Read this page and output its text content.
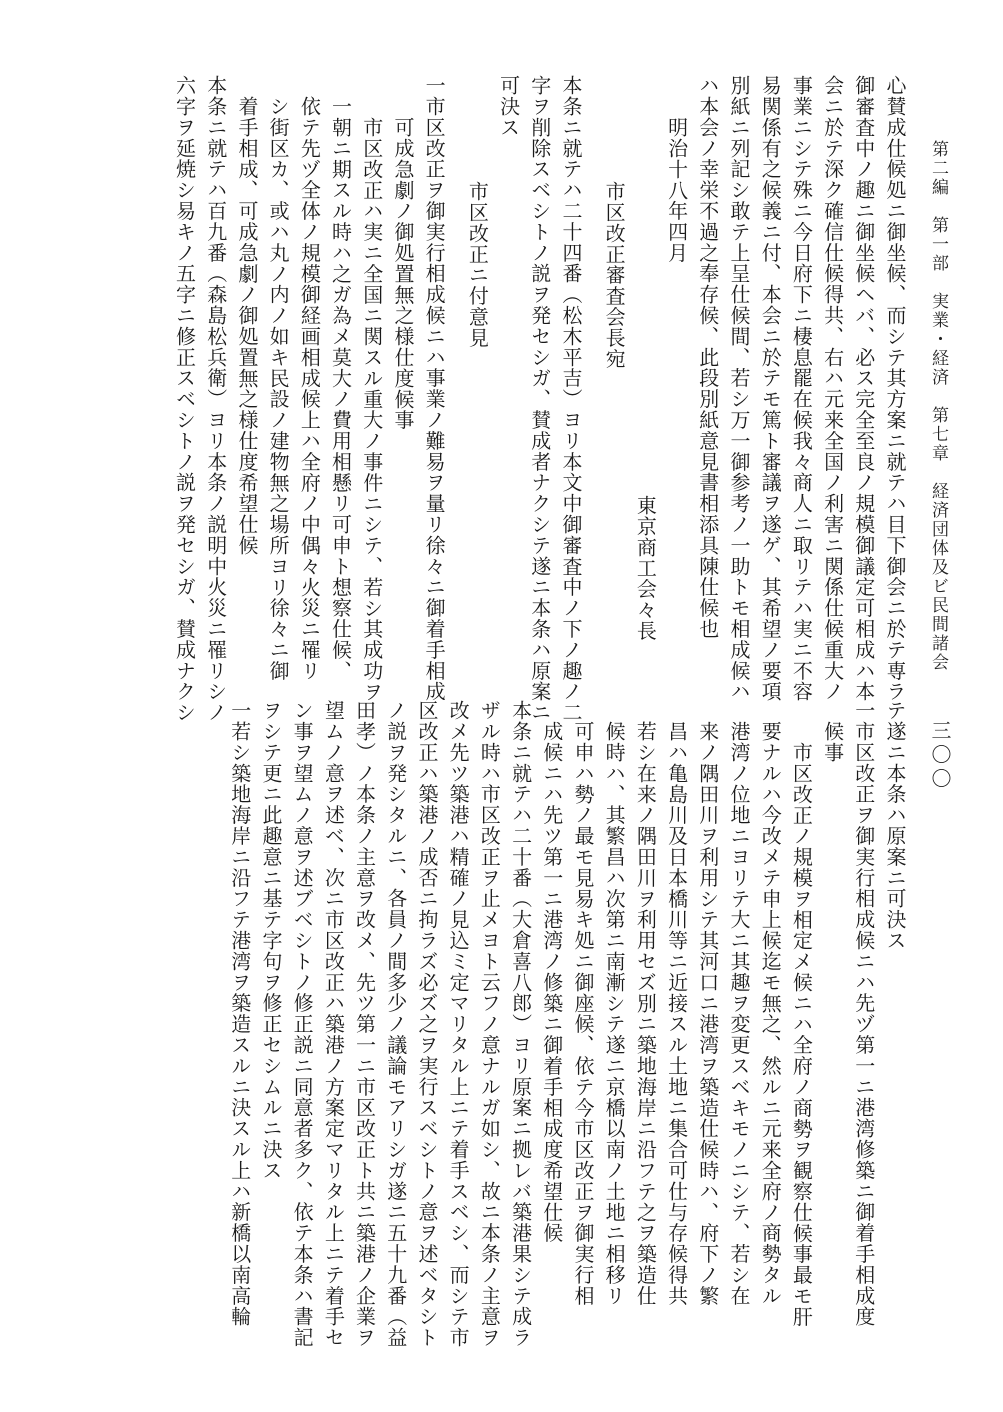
第二編　第一部　実業・経済　第七章　経済団体及ビ民間諸会
三〇〇
心賛成仕候処ニ御坐候、而シテ其方案ニ就テハ目下御会ニ於テ専ラ
御審査中ノ趣ニ御坐候ヘバ、必ス完全至良ノ規模御議定可相成ハ本
会ニ於テ深ク確信仕候得共、右ハ元来全国ノ利害ニ関係仕候重大ノ
事業ニシテ殊ニ今日府下ニ棲息罷在候我々商人ニ取リテハ実ニ不容
易関係有之候義ニ付、本会ニ於テモ篤ト審議ヲ遂ゲ、其希望ノ要項
別紙ニ列記シ敢テ上呈仕候間、若シ万一御参考ノ一助トモ相成候ハ
ハ本会ノ幸栄不過之奉存候、此段別紙意見書相添具陳仕候也
明治十八年四月
東京商工会々長
市区改正審査会長宛
本条ニ就テハ二十四番（松木平吉）ヨリ本文中御審査中ノ下ノ趣ノ二
字ヲ削除スベシトノ説ヲ発セシガ、賛成者ナクシテ遂ニ本条ハ原案ニ
可決ス
市区改正ニ付意見
一市区改正ヲ御実行相成候ニハ事業ノ難易ヲ量リ徐々ニ御着手相成
可成急劇ノ御処置無之様仕度候事
市区改正ハ実ニ全国ニ関スル重大ノ事件ニシテ、若シ其成功ヲ
一朝ニ期スル時ハ之ガ為メ莫大ノ費用相懸リ可申ト想察仕候、
依テ先ヅ全体ノ規模御経画相成候上ハ全府ノ中偶々火災ニ罹リ
シ街区カ、或ハ丸ノ内ノ如キ民設ノ建物無之場所ヨリ徐々ニ御
着手相成、可成急劇ノ御処置無之様仕度希望仕候
本条ニ就テハ百九番（森島松兵衛）ヨリ本条ノ説明中火災ニ罹リシノ
六字ヲ延焼シ易キノ五字ニ修正スベシトノ説ヲ発セシガ、賛成ナクシ
テ遂ニ本条ハ原案ニ可決ス
一市区改正ヲ御実行相成候ニハ先ヅ第一ニ港湾修築ニ御着手相成度
候事
市区改正ノ規模ヲ相定メ候ニハ全府ノ商勢ヲ観察仕候事最モ肝
要ナルハ今改メテ申上候迄モ無之、然ルニ元来全府ノ商勢タル
港湾ノ位地ニヨリテ大ニ其趣ヲ変更スベキモノニシテ、若シ在
来ノ隅田川ヲ利用シテ其河口ニ港湾ヲ築造仕候時ハ、府下ノ繁
昌ハ亀島川及日本橋川等ニ近接スル土地ニ集合可仕与存候得共
若シ在来ノ隅田川ヲ利用セズ別ニ築地海岸ニ沿フテ之ヲ築造仕
候時ハ、其繁昌ハ次第ニ南漸シテ遂ニ京橋以南ノ土地ニ相移リ
可申ハ勢ノ最モ見易キ処ニ御座候、依テ今市区改正ヲ御実行相
成候ニハ先ツ第一ニ港湾ノ修築ニ御着手相成度希望仕候
本条ニ就テハ二十番（大倉喜八郎）ヨリ原案ニ拠レバ築港果シテ成ラ
ザル時ハ市区改正ヲ止メヨト云フノ意ナルガ如シ、故ニ本条ノ主意ヲ
改メ先ツ築港ハ精確ノ見込ミ定マリタル上ニテ着手スベシ、而シテ市
区改正ハ築港ノ成否ニ拘ラズ必ズ之ヲ実行スベシトノ意ヲ述ベタシト
ノ説ヲ発シタルニ、各員ノ間多少ノ議論モアリシガ遂ニ五十九番（益
田孝）ノ本条ノ主意ヲ改メ、先ツ第一ニ市区改正ト共ニ築港ノ企業ヲ
望ムノ意ヲ述ベ、次ニ市区改正ハ築港ノ方案定マリタル上ニテ着手セ
ン事ヲ望ムノ意ヲ述ブベシトノ修正説ニ同意者多ク、依テ本条ハ書記
ヲシテ更ニ此趣意ニ基テ字句ヲ修正セシムルニ決ス
一若シ築地海岸ニ沿フテ港湾ヲ築造スルニ決スル上ハ新橋以南高輪
